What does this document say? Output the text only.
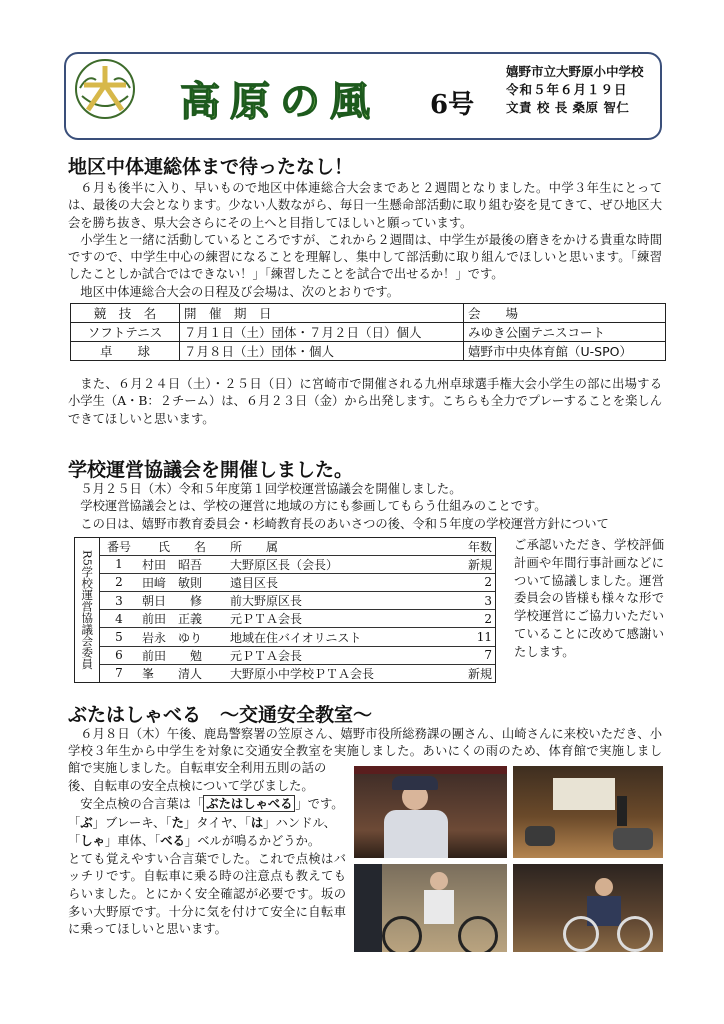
高原の風 6号
嬉野市立大野原小中学校
令和５年６月１９日
文責 校 長 桑原 智仁
地区中体連総体まで待ったなし！

６月も後半に入り、早いもので地区中体連総合大会まであと２週間となりました。中学３年生にとっては、最後の大会となります。少ない人数ながら、毎日一生懸命部活動に取り組む姿を見てきて、ぜひ地区大会を勝ち抜き、県大会さらにその上へと目指してほしいと願っています。

小学生と一緒に活動しているところですが、これから２週間は、中学生が最後の磨きをかける貴重な時間ですので、中学生中心の練習になることを理解し、集中して部活動に取り組んでほしいと思います。「練習したことしか試合ではできない！」「練習したことを試合で出せるか！」です。

地区中体連総合大会の日程及び会場は、次のとおりです。

競　技　名	開　催　期　日	会　　場
ソフトテニス	７月１日（土）団体・７月２日（日）個人	みゆき公園テニスコート
卓　　球	７月８日（土）団体・個人	嬉野市中央体育館（U-SPO）

また、６月２４日（土）・２５日（日）に宮崎市で開催される九州卓球選手権大会小学生の部に出場する小学生（A・B：２チーム）は、６月２３日（金）から出発します。こちらも全力でプレーすることを楽しんできてほしいと思います。

学校運営協議会を開催しました。

５月２５日（木）令和５年度第１回学校運営協議会を開催しました。

学校運営協議会とは、学校の運営に地域の方にも参画してもらう仕組みのことです。

この日は、嬉野市教育委員会・杉崎教育長のあいさつの後、令和５年度の学校運営方針について

R5学校運営協議会委員	番号	氏　　名	所　　属	年数
	1	村田　昭吾	大野原区長（会長）	新規
	2	田﨑　敏則	遠目区長	2
	3	朝日　　修	前大野原区長	3
	4	前田　正義	元ＰＴＡ会長	2
	5	岩永　ゆり	地域在住バイオリニスト	11
	6	前田　　勉	元ＰＴＡ会長	7
	7	峯　　清人	大野原小中学校ＰＴＡ会長	新規
ご承認いただき、学校評価計画や年間行事計画などについて協議しました。運営委員会の皆様も様々な形で学校運営にご協力いただいていることに改めて感謝いたします。
ぶたはしゃべる　～交通安全教室～

６月８日（木）午後、鹿島警察署の笠原さん、嬉野市役所総務課の團さん、山崎さんに来校いただき、小学校３年生から中学生を対象に交通安全教室を実施しました。あいにくの雨のため、体育館で実施しまし

館で実施しました。自転車安全利用五則の話の後、自転車の安全点検について学びました。
安全点検の合言葉は「 ぶたはしゃべる 」です。
「ぶ」ブレーキ、「た」タイヤ、「は」ハンドル、
「しゃ」車体、「べる」ベルが鳴るかどうか。
とても覚えやすい合言葉でした。これで点検はバッチリです。自転車に乗る時の注意点も教えてもらいました。とにかく安全確認が必要です。坂の多い大野原です。十分に気を付けて安全に自転車に乗ってほしいと思います。
